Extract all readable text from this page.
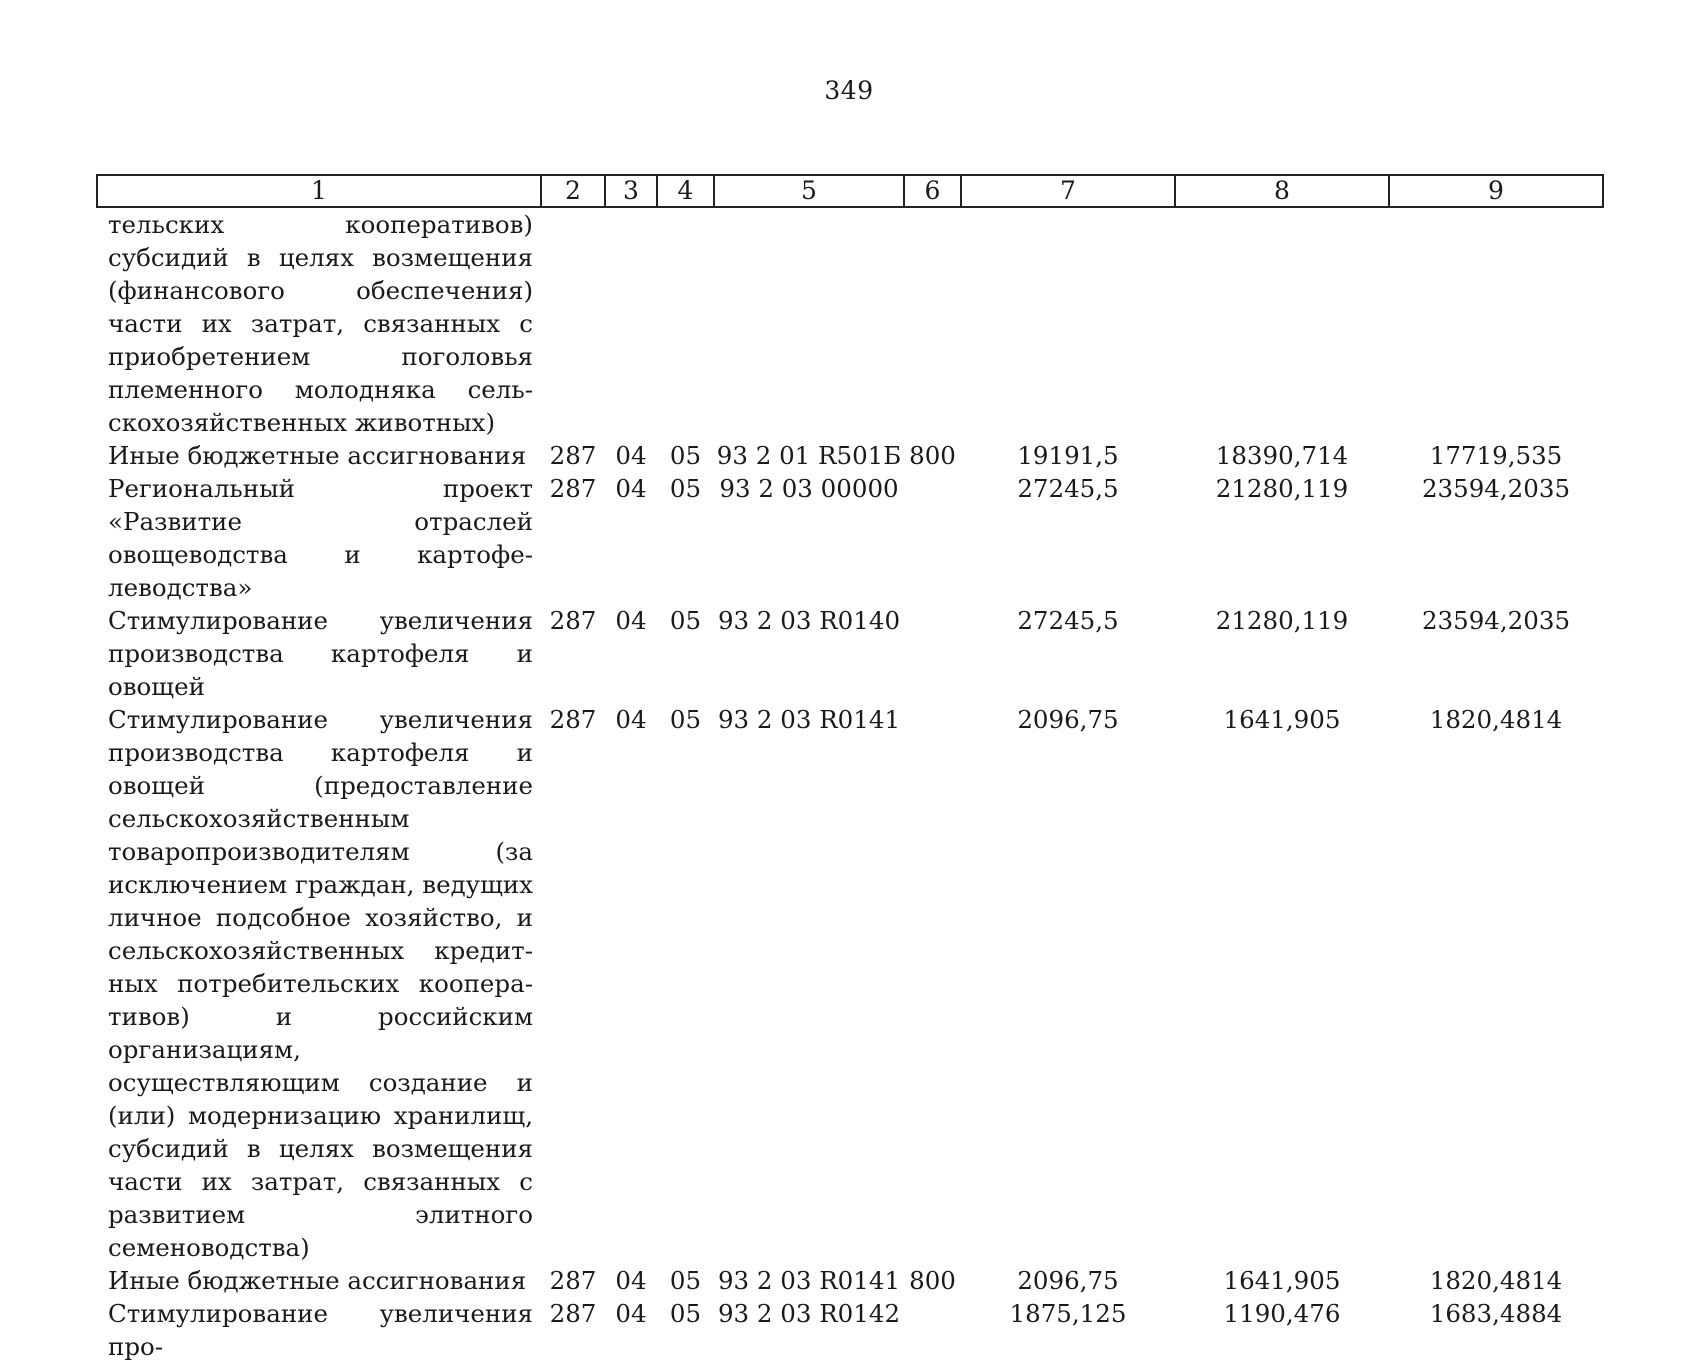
349
1	2	3	4	5	6	7	8	9
тельских кооперативов) субсидий в целях возмещения (финансового обеспечения) части их затрат, связанных с приобретением поголовья племенного молодняка сельскохозяйственных животных)								
Иные бюджетные ассигнования	287	04	05	93 2 01 R501Б	800	19191,5	18390,714	17719,535
Региональный проект «Развитие отраслей овощеводства и картофелеводства»	287	04	05	93 2 03 00000		27245,5	21280,119	23594,2035
Стимулирование увеличения производства картофеля и овощей	287	04	05	93 2 03 R0140		27245,5	21280,119	23594,2035
Стимулирование увеличения производства картофеля и овощей (предоставление сельскохозяйственным товаропроизводителям (за исключением граждан, ведущих личное подсобное хозяйство, и сельскохозяйственных кредитных потребительских кооперативов) и российским организациям, осуществляющим создание и (или) модернизацию хранилищ, субсидий в целях возмещения части их затрат, связанных с развитием элитного семеноводства)	287	04	05	93 2 03 R0141		2096,75	1641,905	1820,4814
Иные бюджетные ассигнования	287	04	05	93 2 03 R0141	800	2096,75	1641,905	1820,4814
Стимулирование увеличения про-	287	04	05	93 2 03 R0142		1875,125	1190,476	1683,4884
